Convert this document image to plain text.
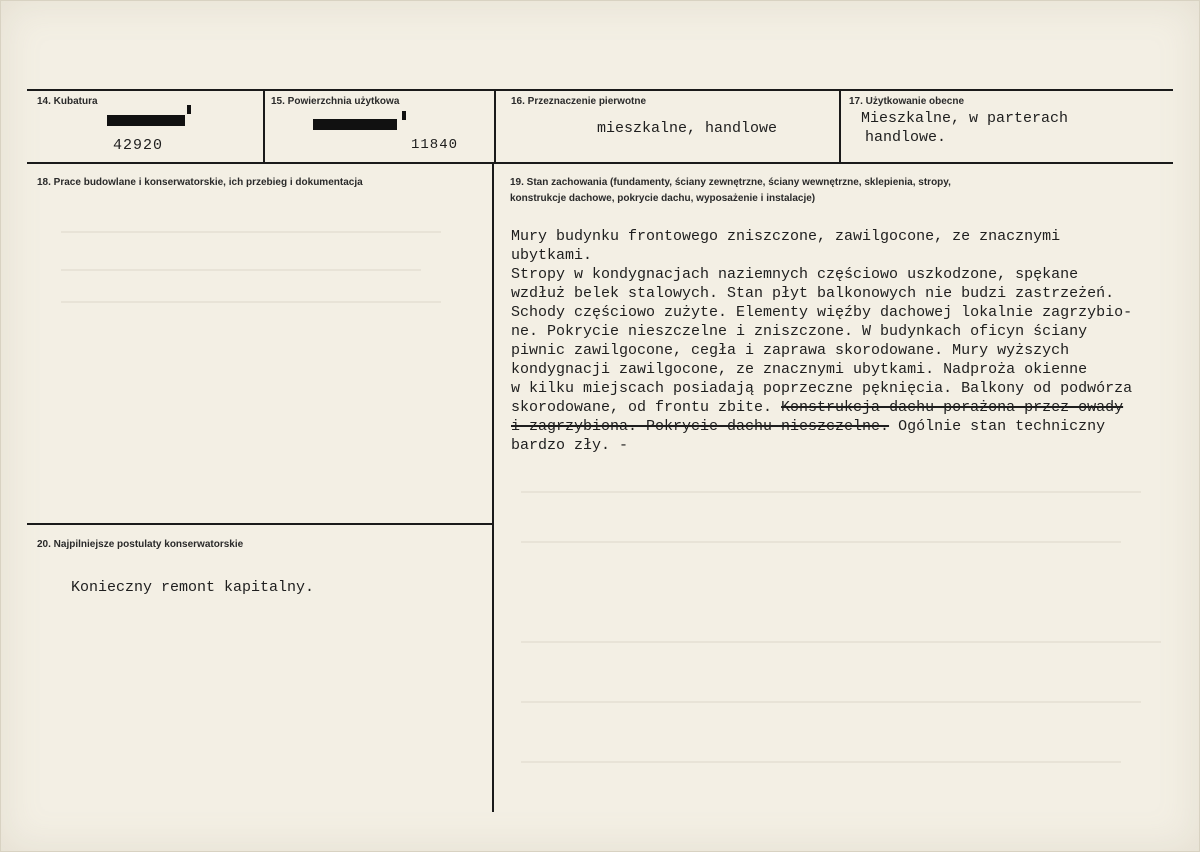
14. Kubatura
42920
15. Powierzchnia użytkowa
11840
16. Przeznaczenie pierwotne
mieszkalne, handlowe
17. Użytkowanie obecne
Mieszkalne, w parterach
handlowe.
18. Prace budowlane i konserwatorskie, ich przebieg i dokumentacja	19. Stan zachowania (fundamenty, ściany zewnętrzne, ściany wewnętrzne, sklepienia, stropy,
konstrukcje dachowe, pokrycie dachu, wyposażenie i instalacje)
Mury budynku frontowego zniszczone, zawilgocone, ze znacznymi
ubytkami.
Stropy w kondygnacjach naziemnych częściowo uszkodzone, spękane
wzdłuż belek stalowych. Stan płyt balkonowych nie budzi zastrzeżeń.
Schody częściowo zużyte. Elementy więźby dachowej lokalnie zagrzybio-
ne. Pokrycie nieszczelne i zniszczone. W budynkach oficyn ściany
piwnic zawilgocone, cegła i zaprawa skorodowane. Mury wyższych
kondygnacji zawilgocone, ze znacznymi ubytkami. Nadproża okienne
w kilku miejscach posiadają poprzeczne pęknięcia. Balkony od podwórza
skorodowane, od frontu zbite. Konstrukcja dachu porażona przez owady
i zagrzybiona. Pokrycie dachu nieszczelne. Ogólnie stan techniczny
bardzo zły. -
20. Najpilniejsze postulaty konserwatorskie
Konieczny remont kapitalny.
